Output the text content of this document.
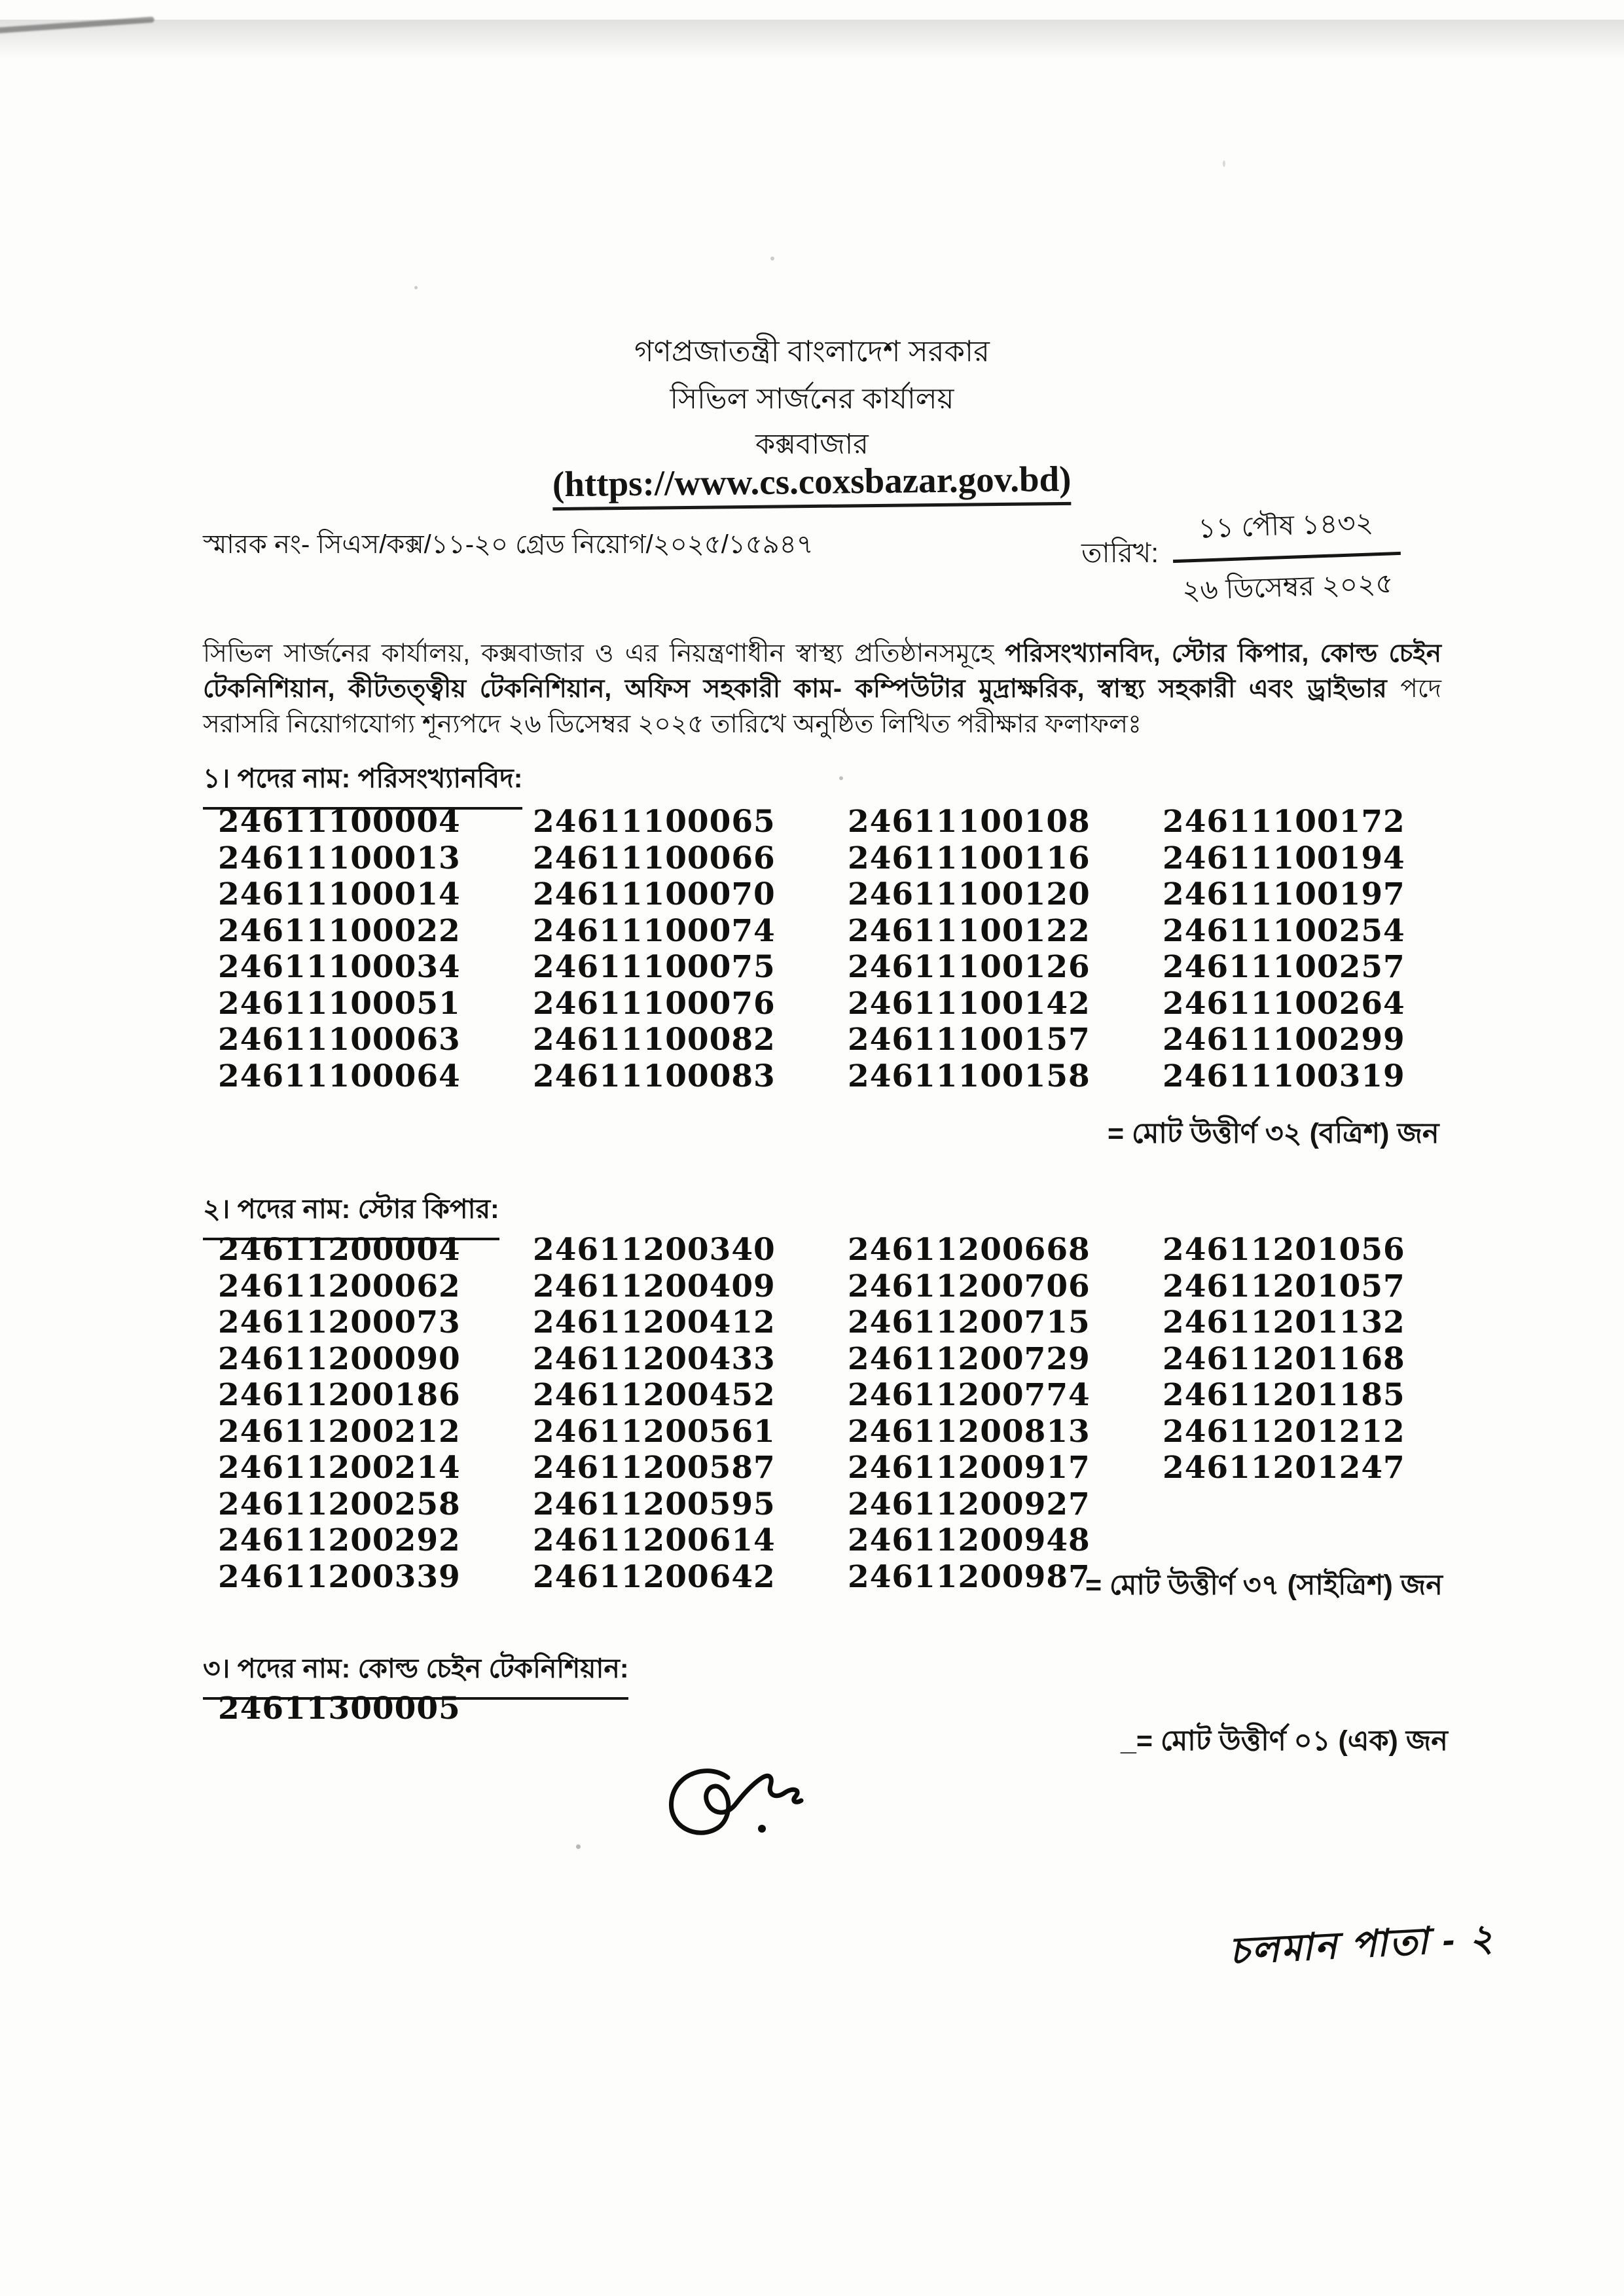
গণপ্রজাতন্ত্রী বাংলাদেশ সরকার
সিভিল সার্জনের কার্যালয়
কক্সবাজার
(https://www.cs.coxsbazar.gov.bd)
স্মারক নং- সিএস/কক্স/১১-২০ গ্রেড নিয়োগ/২০২৫/১৫৯৪৭	তারিখ: $\frac{\text{১১ পৌষ ১৪৩২}}{\text{২৬ ডিসেম্বর ২০২৫}}$
সিভিল সার্জনের কার্যালয়, কক্সবাজার ও এর নিয়ন্ত্রণাধীন স্বাস্থ্য প্রতিষ্ঠানসমূহে পরিসংখ্যানবিদ, স্টোর কিপার, কোল্ড চেইন টেকনিশিয়ান, কীটতত্ত্বীয় টেকনিশিয়ান, অফিস সহকারী কাম- কম্পিউটার মুদ্রাক্ষরিক, স্বাস্থ্য সহকারী এবং ড্রাইভার পদে সরাসরি নিয়োগযোগ্য শূন্যপদে ২৬ ডিসেম্বর ২০২৫ তারিখে অনুষ্ঠিত লিখিত পরীক্ষার ফলাফলঃ
১। পদের নাম: পরিসংখ্যানবিদ:
24611100004
24611100013
24611100014
24611100022
24611100034
24611100051
24611100063
24611100064
24611100065
24611100066
24611100070
24611100074
24611100075
24611100076
24611100082
24611100083
24611100108
24611100116
24611100120
24611100122
24611100126
24611100142
24611100157
24611100158
24611100172
24611100194
24611100197
24611100254
24611100257
24611100264
24611100299
24611100319
= মোট উত্তীর্ণ ৩২ (বত্রিশ) জন
২। পদের নাম: স্টোর কিপার:
24611200004
24611200062
24611200073
24611200090
24611200186
24611200212
24611200214
24611200258
24611200292
24611200339
24611200340
24611200409
24611200412
24611200433
24611200452
24611200561
24611200587
24611200595
24611200614
24611200642
24611200668
24611200706
24611200715
24611200729
24611200774
24611200813
24611200917
24611200927
24611200948
24611200987
24611201056
24611201057
24611201132
24611201168
24611201185
24611201212
24611201247
= মোট উত্তীর্ণ ৩৭ (সাইত্রিশ) জন
৩। পদের নাম: কোল্ড চেইন টেকনিশিয়ান:
24611300005
_= মোট উত্তীর্ণ ০১ (এক) জন
চলমান পাতা - ২
